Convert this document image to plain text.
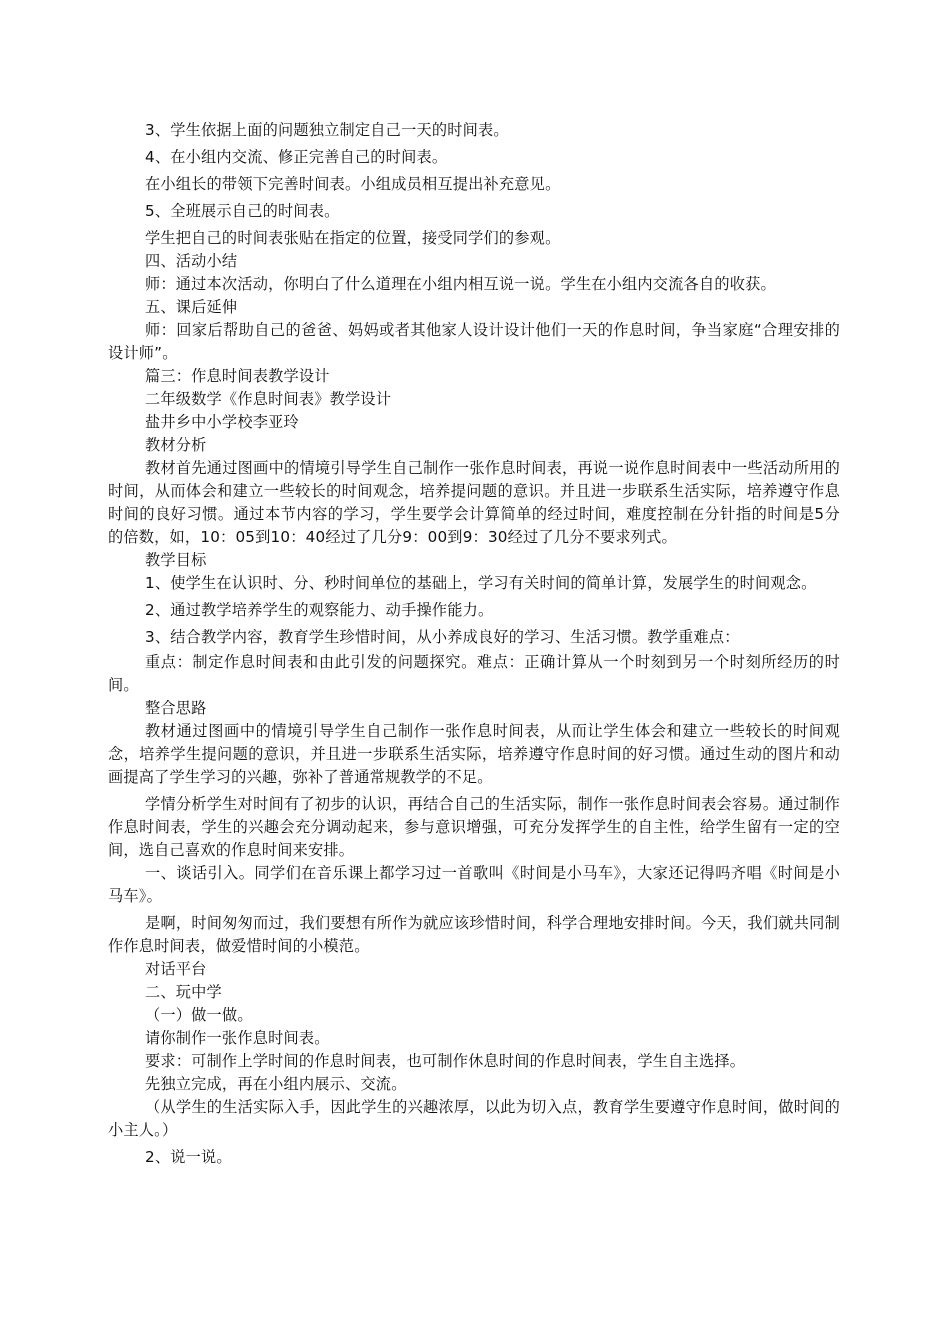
3、学生依据上面的问题独立制定自己一天的时间表。

4、在小组内交流、修正完善自己的时间表。

在小组长的带领下完善时间表。小组成员相互提出补充意见。

5、全班展示自己的时间表。

学生把自己的时间表张贴在指定的位置，接受同学们的参观。

四、活动小结

师：通过本次活动，你明白了什么道理在小组内相互说一说。学生在小组内交流各自的收获。

五、课后延伸

师：回家后帮助自己的爸爸、妈妈或者其他家人设计设计他们一天的作息时间，争当家庭“合理安排的设计师”。

篇三：作息时间表教学设计

二年级数学《作息时间表》教学设计

盐井乡中小学校李亚玲

教材分析

教材首先通过图画中的情境引导学生自己制作一张作息时间表，再说一说作息时间表中一些活动所用的时间，从而体会和建立一些较长的时间观念，培养提问题的意识。并且进一步联系生活实际，培养遵守作息时间的良好习惯。通过本节内容的学习，学生要学会计算简单的经过时间，难度控制在分针指的时间是5分的倍数，如，10：05到10：40经过了几分9：00到9：30经过了几分不要求列式。

教学目标

1、使学生在认识时、分、秒时间单位的基础上，学习有关时间的简单计算，发展学生的时间观念。

2、通过教学培养学生的观察能力、动手操作能力。

3、结合教学内容，教育学生珍惜时间，从小养成良好的学习、生活习惯。教学重难点：

重点：制定作息时间表和由此引发的问题探究。难点：正确计算从一个时刻到另一个时刻所经历的时间。

整合思路

教材通过图画中的情境引导学生自己制作一张作息时间表，从而让学生体会和建立一些较长的时间观念，培养学生提问题的意识，并且进一步联系生活实际，培养遵守作息时间的好习惯。通过生动的图片和动画提高了学生学习的兴趣，弥补了普通常规教学的不足。

学情分析学生对时间有了初步的认识，再结合自己的生活实际，制作一张作息时间表会容易。通过制作作息时间表，学生的兴趣会充分调动起来，参与意识增强，可充分发挥学生的自主性，给学生留有一定的空间，选自己喜欢的作息时间来安排。

一、谈话引入。同学们在音乐课上都学习过一首歌叫《时间是小马车》，大家还记得吗齐唱《时间是小马车》。

是啊，时间匆匆而过，我们要想有所作为就应该珍惜时间，科学合理地安排时间。今天，我们就共同制作作息时间表，做爱惜时间的小模范。

对话平台

二、玩中学

（一）做一做。

请你制作一张作息时间表。

要求：可制作上学时间的作息时间表，也可制作休息时间的作息时间表，学生自主选择。

先独立完成，再在小组内展示、交流。

（从学生的生活实际入手，因此学生的兴趣浓厚，以此为切入点，教育学生要遵守作息时间，做时间的小主人。）

2、说一说。
